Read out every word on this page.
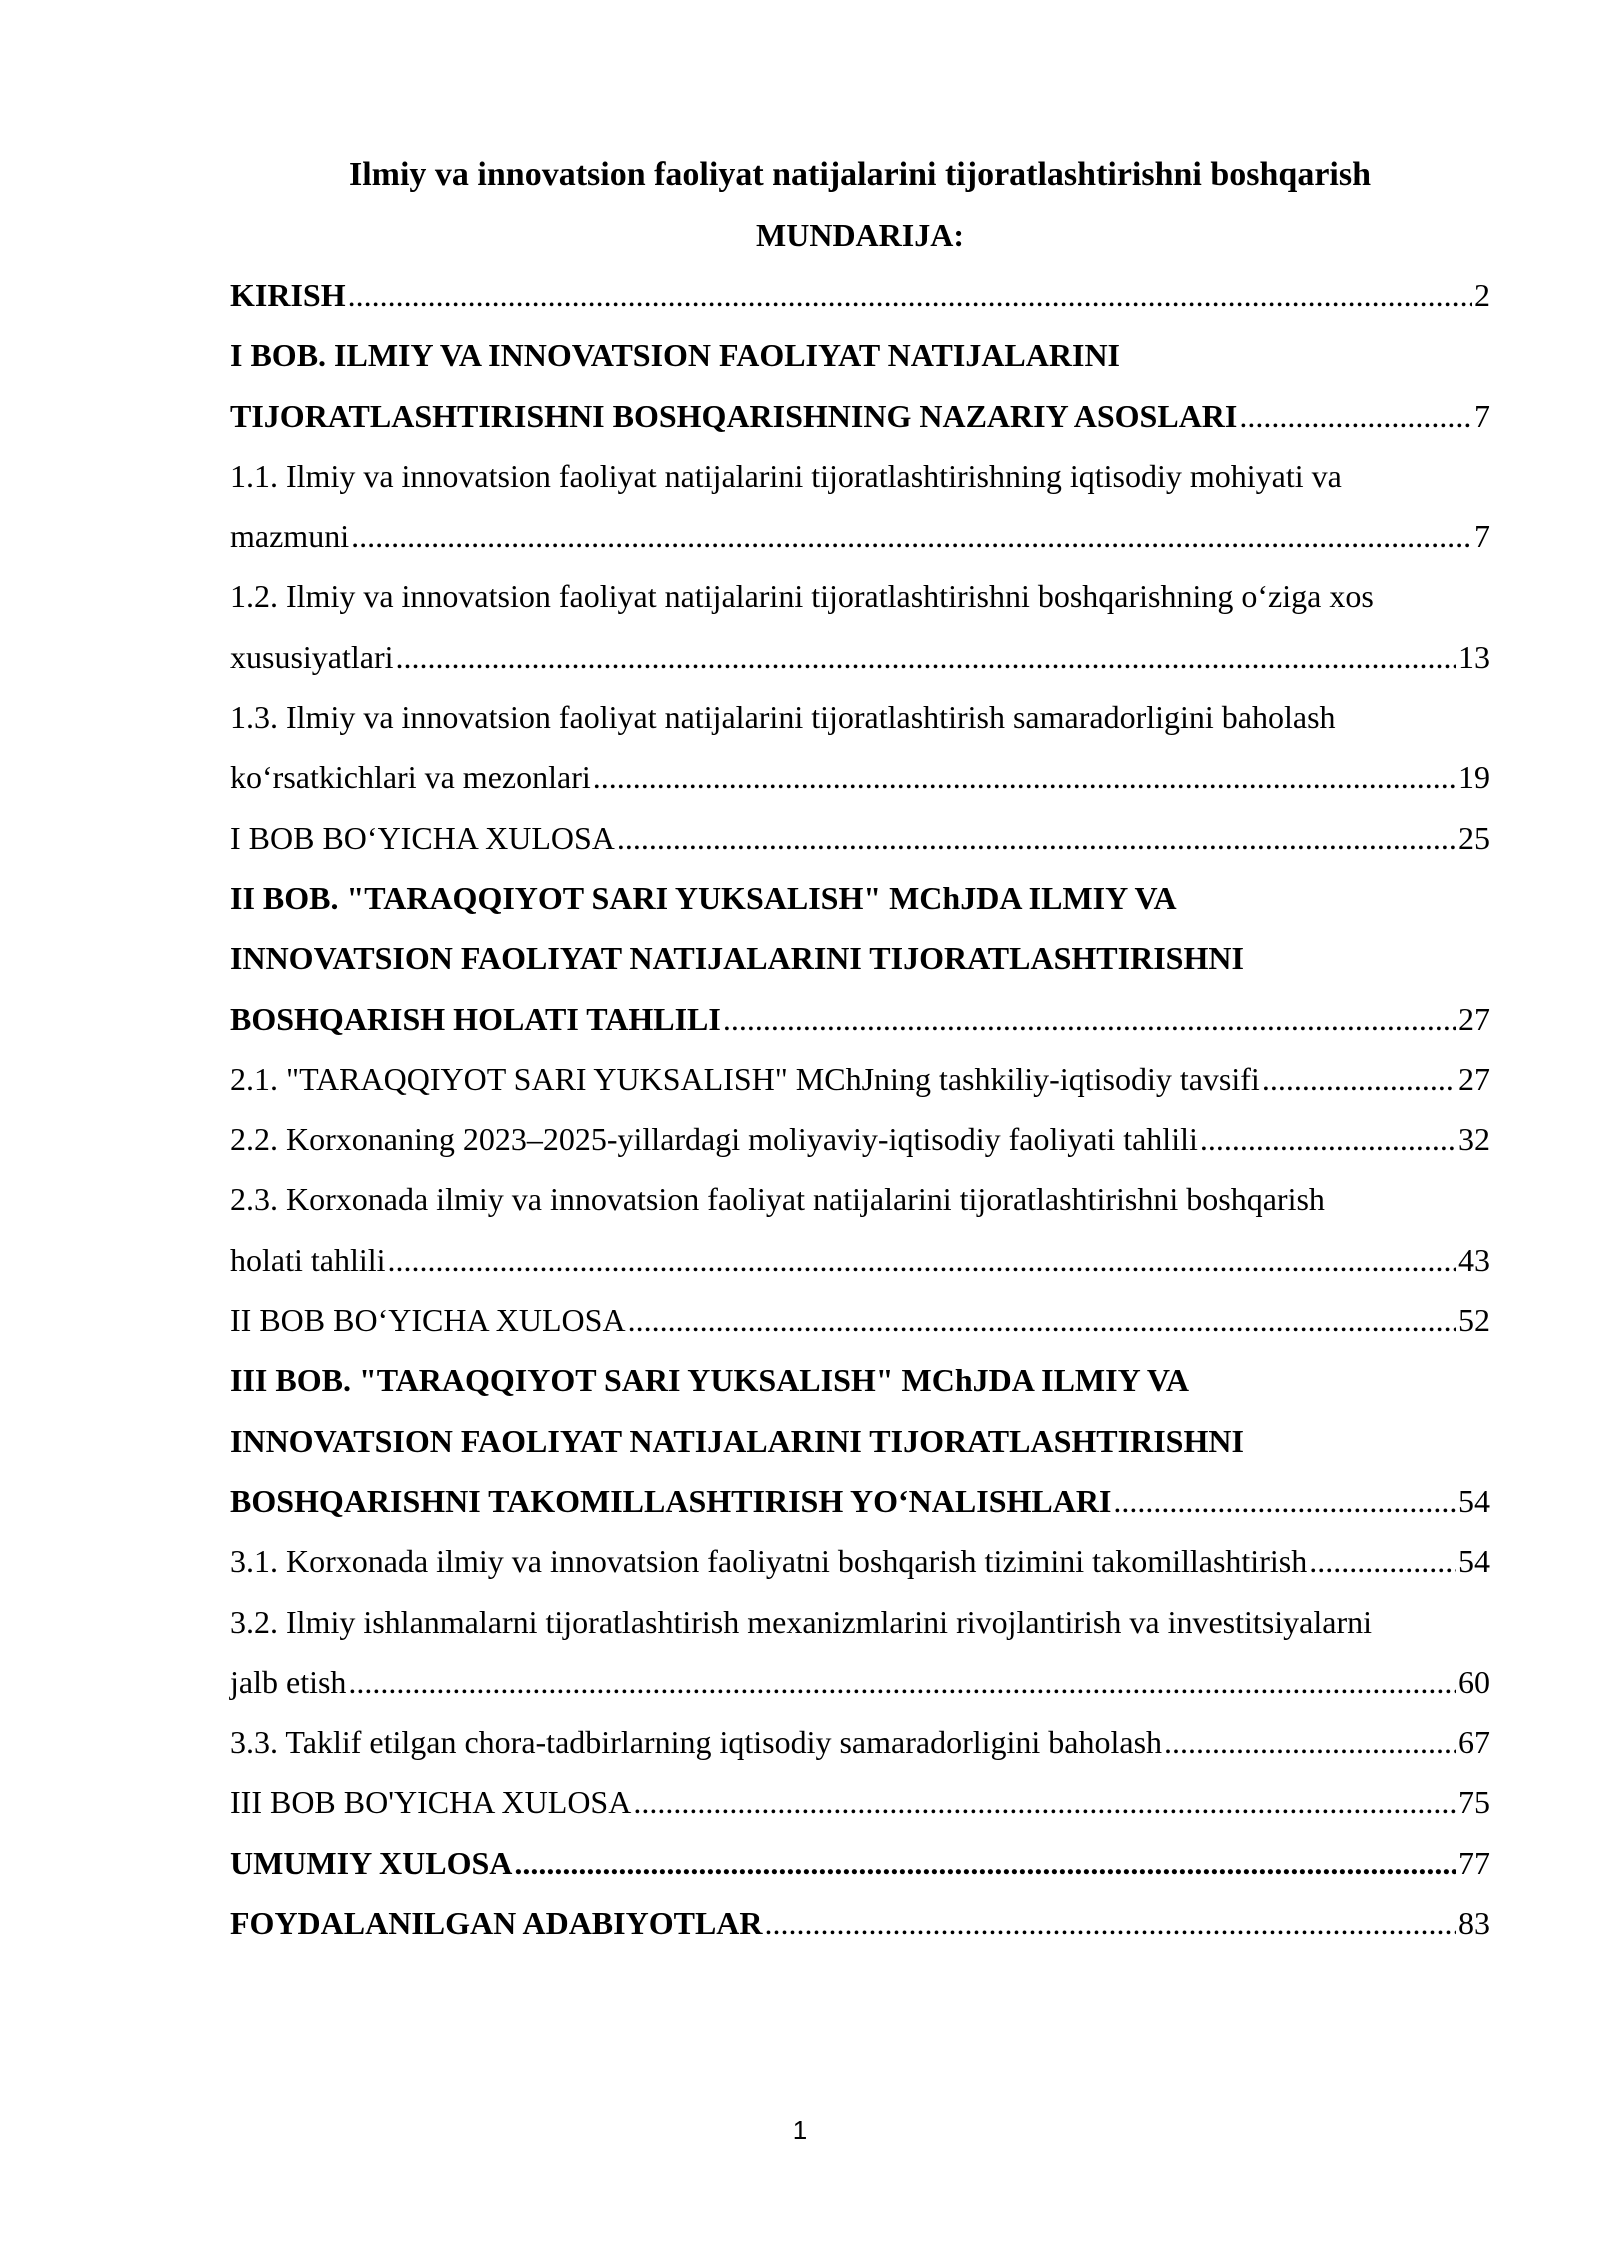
Ilmiy va innovatsion faoliyat natijalarini tijoratlashtirishni boshqarish
MUNDARIJA:
KIRISH .....	2
I BOB. ILMIY VA INNOVATSION FAOLIYAT NATIJALARINI
TIJORATLASHTIRISHNI BOSHQARISHNING NAZARIY ASOSLARI .....	7
1.1. Ilmiy va innovatsion faoliyat natijalarini tijoratlashtirishning iqtisodiy mohiyati va
mazmuni .....	7
1.2. Ilmiy va innovatsion faoliyat natijalarini tijoratlashtirishni boshqarishning o‘ziga xos
xususiyatlari .....	13
1.3. Ilmiy va innovatsion faoliyat natijalarini tijoratlashtirish samaradorligini baholash
ko‘rsatkichlari va mezonlari .....	19
I BOB BO‘YICHA XULOSA .....	25
II BOB. "TARAQQIYOT SARI YUKSALISH" MChJDA ILMIY VA
INNOVATSION FAOLIYAT NATIJALARINI TIJORATLASHTIRISHNI
BOSHQARISH HOLATI TAHLILI .....	27
2.1. "TARAQQIYOT SARI YUKSALISH" MChJning tashkiliy-iqtisodiy tavsifi .....	27
2.2. Korxonaning 2023–2025-yillardagi moliyaviy-iqtisodiy faoliyati tahlili .....	32
2.3. Korxonada ilmiy va innovatsion faoliyat natijalarini tijoratlashtirishni boshqarish
holati tahlili .....	43
II BOB BO‘YICHA XULOSA .....	52
III BOB. "TARAQQIYOT SARI YUKSALISH" MChJDA ILMIY VA
INNOVATSION FAOLIYAT NATIJALARINI TIJORATLASHTIRISHNI
BOSHQARISHNI TAKOMILLASHTIRISH YO‘NALISHLARI .....	54
3.1. Korxonada ilmiy va innovatsion faoliyatni boshqarish tizimini takomillashtirish .....	54
3.2. Ilmiy ishlanmalarni tijoratlashtirish mexanizmlarini rivojlantirish va investitsiyalarni
jalb etish .....	60
3.3. Taklif etilgan chora-tadbirlarning iqtisodiy samaradorligini baholash .....	67
III BOB BO'YICHA XULOSA .....	75
UMUMIY XULOSA .....	77
FOYDALANILGAN ADABIYOTLAR .....	83
1
